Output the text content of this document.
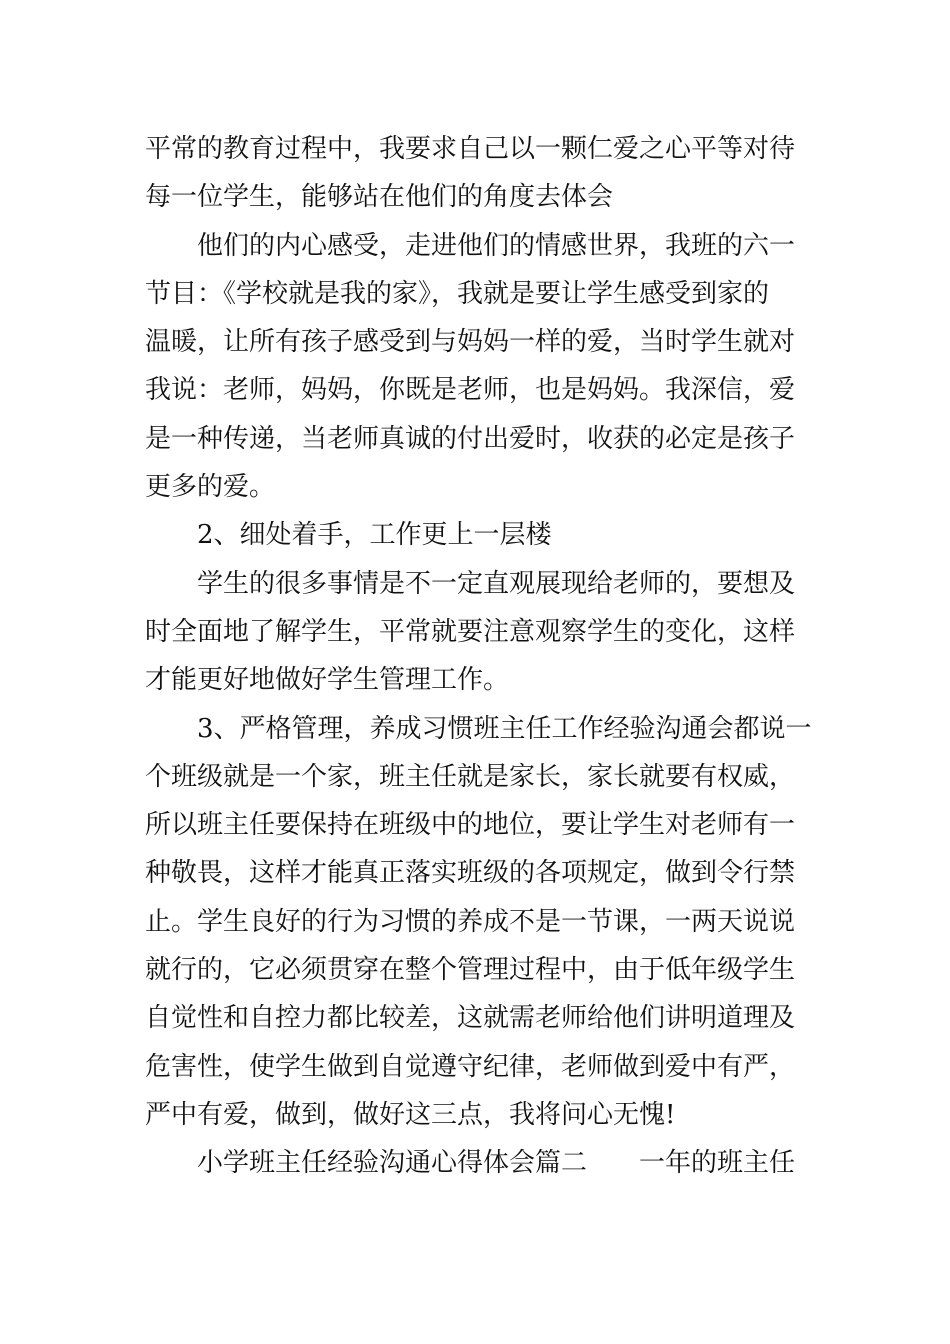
平常的教育过程中，我要求自己以一颗仁爱之心平等对待
每一位学生，能够站在他们的角度去体会

他们的内心感受，走进他们的情感世界，我班的六一
节目：《学校就是我的家》，我就是要让学生感受到家的
温暖，让所有孩子感受到与妈妈一样的爱，当时学生就对
我说：老师，妈妈，你既是老师，也是妈妈。我深信，爱
是一种传递，当老师真诚的付出爱时，收获的必定是孩子
更多的爱。

2、细处着手，工作更上一层楼

学生的很多事情是不一定直观展现给老师的，要想及
时全面地了解学生，平常就要注意观察学生的变化，这样
才能更好地做好学生管理工作。

3、严格管理，养成习惯班主任工作经验沟通会都说一
个班级就是一个家，班主任就是家长，家长就要有权威，
所以班主任要保持在班级中的地位，要让学生对老师有一
种敬畏，这样才能真正落实班级的各项规定，做到令行禁
止。学生良好的行为习惯的养成不是一节课，一两天说说
就行的，它必须贯穿在整个管理过程中，由于低年级学生
自觉性和自控力都比较差，这就需老师给他们讲明道理及
危害性，使学生做到自觉遵守纪律，老师做到爱中有严，
严中有爱，做到，做好这三点，我将问心无愧!

小学班主任经验沟通心得体会篇二　　一年的班主任
